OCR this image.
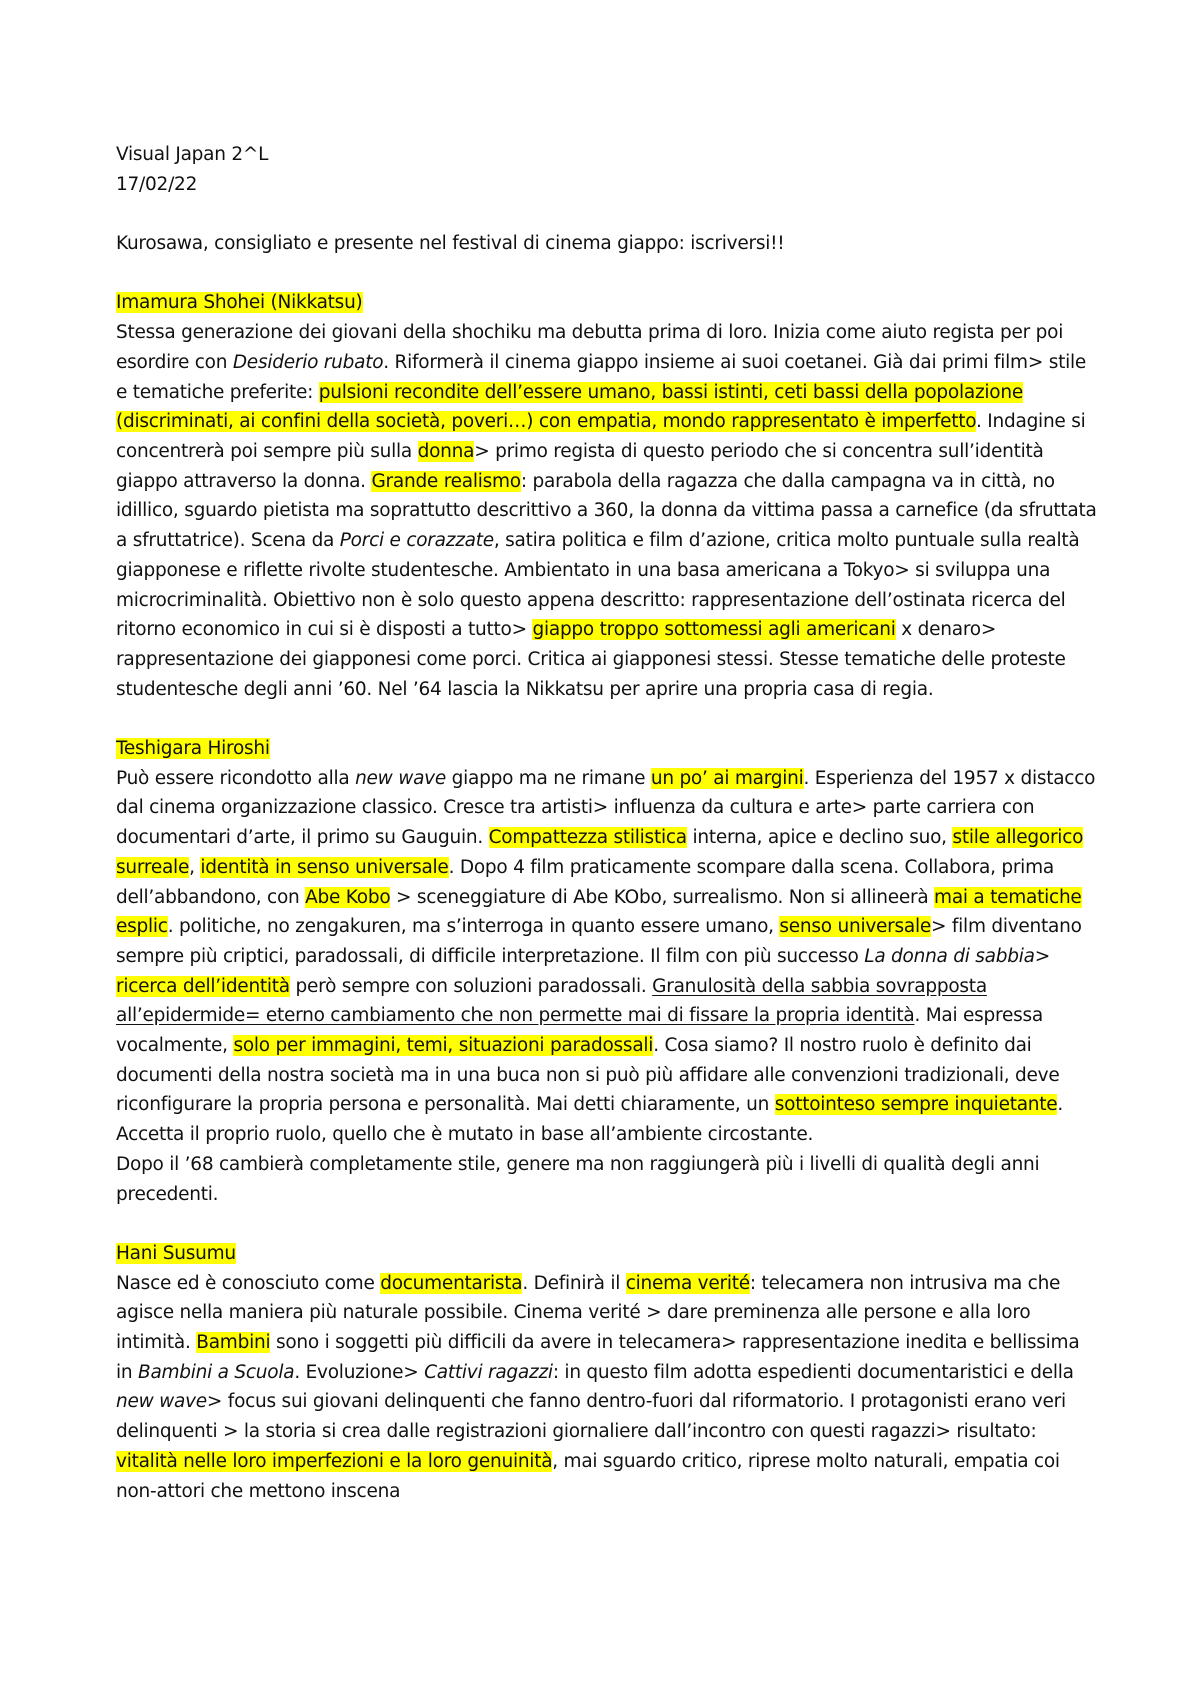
Visual Japan 2^L

17/02/22

Kurosawa, consigliato e presente nel festival di cinema giappo: iscriversi!!

Imamura Shohei (Nikkatsu)

Stessa generazione dei giovani della shochiku ma debutta prima di loro. Inizia come aiuto regista per poi esordire con Desiderio rubato. Riformerà il cinema giappo insieme ai suoi coetanei. Già dai primi film> stile e tematiche preferite: pulsioni recondite dell’essere umano, bassi istinti, ceti bassi della popolazione (discriminati, ai confini della società, poveri…) con empatia, mondo rappresentato è imperfetto. Indagine si concentrerà poi sempre più sulla donna> primo regista di questo periodo che si concentra sull’identità giappo attraverso la donna. Grande realismo: parabola della ragazza che dalla campagna va in città, no idillico, sguardo pietista ma soprattutto descrittivo a 360, la donna da vittima passa a carnefice (da sfruttata a sfruttatrice). Scena da Porci e corazzate, satira politica e film d’azione, critica molto puntuale sulla realtà giapponese e riflette rivolte studentesche. Ambientato in una basa americana a Tokyo> si sviluppa una microcriminalità. Obiettivo non è solo questo appena descritto: rappresentazione dell’ostinata ricerca del ritorno economico in cui si è disposti a tutto> giappo troppo sottomessi agli americani x denaro> rappresentazione dei giapponesi come porci. Critica ai giapponesi stessi. Stesse tematiche delle proteste studentesche degli anni ’60. Nel ’64 lascia la Nikkatsu per aprire una propria casa di regia.

Teshigara Hiroshi

Può essere ricondotto alla new wave giappo ma ne rimane un po’ ai margini. Esperienza del 1957 x distacco dal cinema organizzazione classico. Cresce tra artisti> influenza da cultura e arte> parte carriera con documentari d’arte, il primo su Gauguin. Compattezza stilistica interna, apice e declino suo, stile allegorico surreale, identità in senso universale. Dopo 4 film praticamente scompare dalla scena. Collabora, prima dell’abbandono, con Abe Kobo > sceneggiature di Abe KObo, surrealismo. Non si allineerà mai a tematiche esplic. politiche, no zengakuren, ma s’interroga in quanto essere umano, senso universale> film diventano sempre più criptici, paradossali, di difficile interpretazione. Il film con più successo La donna di sabbia> ricerca dell’identità però sempre con soluzioni paradossali. Granulosità della sabbia sovrapposta all’epidermide= eterno cambiamento che non permette mai di fissare la propria identità. Mai espressa vocalmente, solo per immagini, temi, situazioni paradossali. Cosa siamo? Il nostro ruolo è definito dai documenti della nostra società ma in una buca non si può più affidare alle convenzioni tradizionali, deve riconfigurare la propria persona e personalità. Mai detti chiaramente, un sottointeso sempre inquietante. Accetta il proprio ruolo, quello che è mutato in base all’ambiente circostante.

Dopo il ’68 cambierà completamente stile, genere ma non raggiungerà più i livelli di qualità degli anni precedenti.

Hani Susumu

Nasce ed è conosciuto come documentarista. Definirà il cinema verité: telecamera non intrusiva ma che agisce nella maniera più naturale possibile. Cinema verité > dare preminenza alle persone e alla loro intimità. Bambini sono i soggetti più difficili da avere in telecamera> rappresentazione inedita e bellissima in Bambini a Scuola. Evoluzione> Cattivi ragazzi: in questo film adotta espedienti documentaristici e della new wave> focus sui giovani delinquenti che fanno dentro-fuori dal riformatorio. I protagonisti erano veri delinquenti > la storia si crea dalle registrazioni giornaliere dall’incontro con questi ragazzi> risultato: vitalità nelle loro imperfezioni e la loro genuinità, mai sguardo critico, riprese molto naturali, empatia coi non-attori che mettono inscena
